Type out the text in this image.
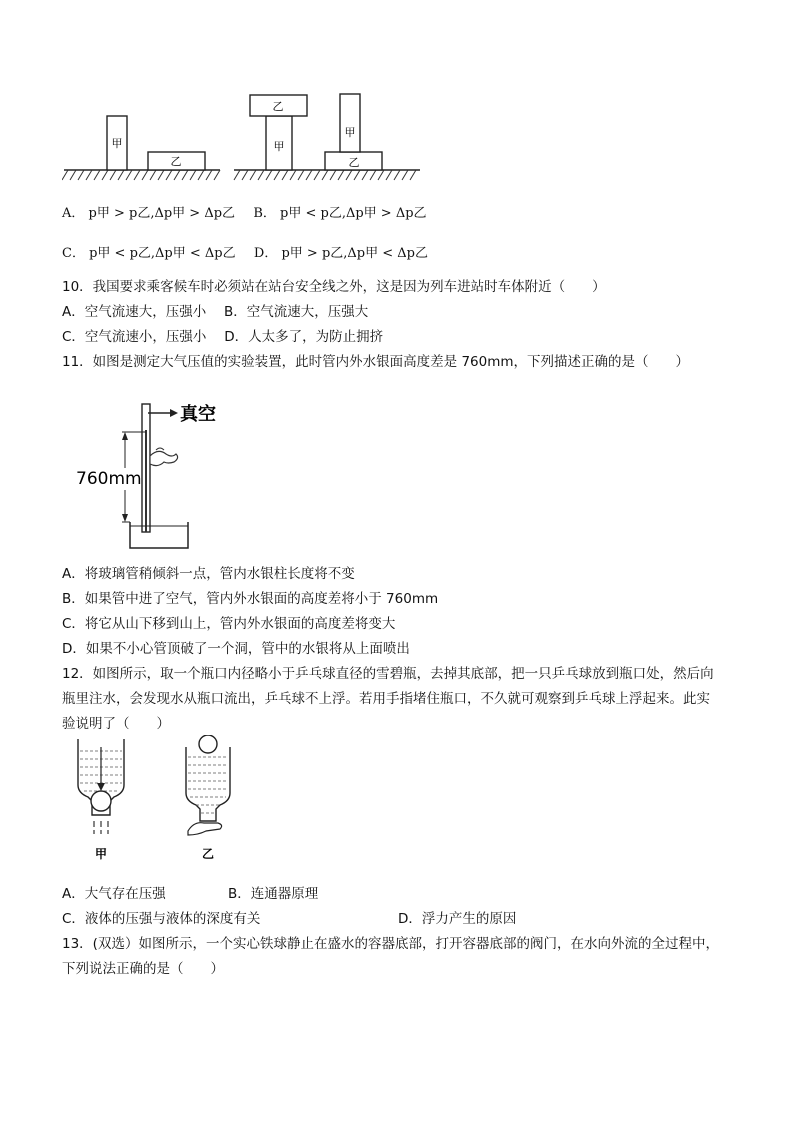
甲
乙
甲
乙
乙
甲
A． p甲 > p乙,Δp甲 > Δp乙 B． p甲 < p乙,Δp甲 > Δp乙
C． p甲 < p乙,Δp甲 < Δp乙 D． p甲 > p乙,Δp甲 < Δp乙
10．我国要求乘客候车时必须站在站台安全线之外，这是因为列车进站时车体附近（　　）
A．空气流速大，压强小　 B．空气流速大，压强大
C．空气流速小，压强小　 D．人太多了，为防止拥挤
11．如图是测定大气压值的实验装置，此时管内外水银面高度差是 760mm，下列描述正确的是（　　）
真空
760mm
A．将玻璃管稍倾斜一点，管内水银柱长度将不变
B．如果管中进了空气，管内外水银面的高度差将小于 760mm
C．将它从山下移到山上，管内外水银面的高度差将变大
D．如果不小心管顶破了一个洞，管中的水银将从上面喷出
12．如图所示，取一个瓶口内径略小于乒乓球直径的雪碧瓶，去掉其底部，把一只乒乓球放到瓶口处，然后向
瓶里注水，会发现水从瓶口流出，乒乓球不上浮。若用手指堵住瓶口，不久就可观察到乒乓球上浮起来。此实
验说明了（　　）
甲	乙
A．大气存在压强	B．连通器原理
C．液体的压强与液体的深度有关	D．浮力产生的原因
13．(双选）如图所示，一个实心铁球静止在盛水的容器底部，打开容器底部的阀门，在水向外流的全过程中，
下列说法正确的是（　　）
